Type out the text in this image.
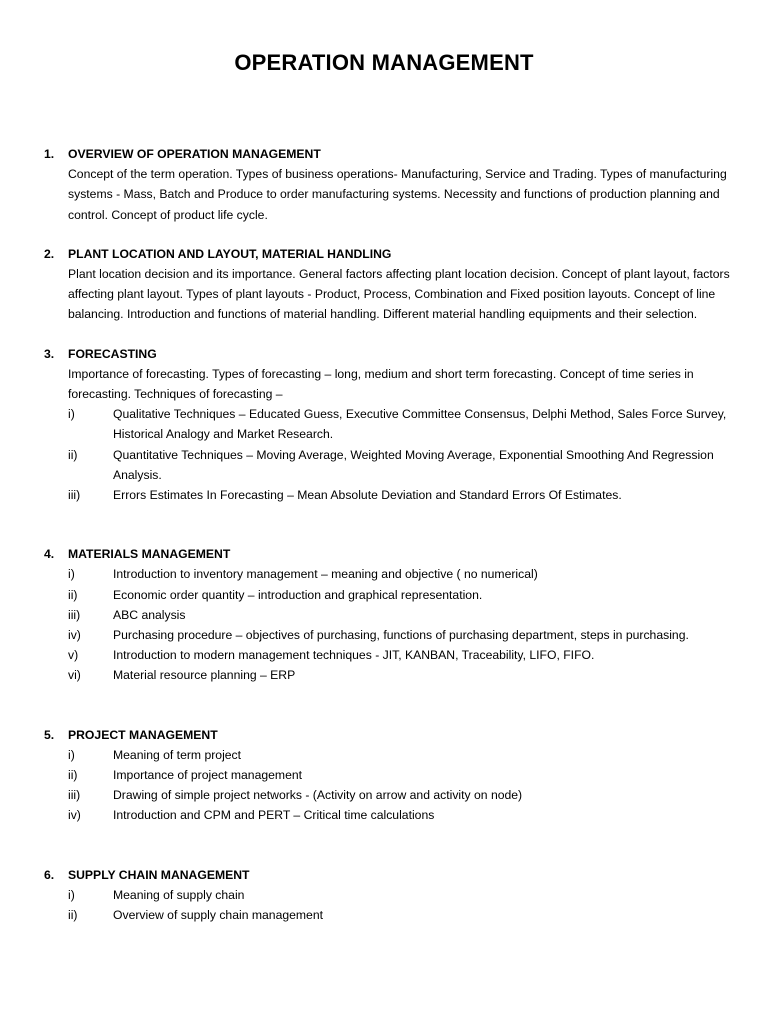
OPERATION MANAGEMENT
1.	OVERVIEW OF OPERATION MANAGEMENT

Concept of the term operation. Types of business operations- Manufacturing, Service and Trading. Types of manufacturing systems - Mass, Batch and Produce to order manufacturing systems. Necessity and functions of production planning and control. Concept of product life cycle.

2.	PLANT LOCATION AND LAYOUT, MATERIAL HANDLING

Plant location decision and its importance. General factors affecting plant location decision. Concept of plant layout, factors affecting plant layout. Types of plant layouts - Product, Process, Combination and Fixed position layouts. Concept of line balancing. Introduction and functions of material handling. Different material handling equipments and their selection.

3.	FORECASTING

Importance of forecasting. Types of forecasting – long, medium and short term forecasting. Concept of time series in forecasting. Techniques of forecasting –

i)	Qualitative Techniques – Educated Guess, Executive Committee Consensus, Delphi Method, Sales Force Survey, Historical Analogy and Market Research.
ii)	Quantitative Techniques – Moving Average, Weighted Moving Average, Exponential Smoothing And Regression Analysis.
iii)	Errors Estimates In Forecasting – Mean Absolute Deviation and Standard Errors Of Estimates.
4.	MATERIALS MANAGEMENT
i)	Introduction to inventory management – meaning and objective ( no numerical)
ii)	Economic order quantity – introduction and graphical representation.
iii)	ABC analysis
iv)	Purchasing procedure – objectives of purchasing, functions of purchasing department, steps in purchasing.
v)	Introduction to modern management techniques - JIT, KANBAN, Traceability, LIFO, FIFO.
vi)	Material resource planning – ERP
5.	PROJECT MANAGEMENT
i)	Meaning of term project
ii)	Importance of project management
iii)	Drawing of simple project networks - (Activity on arrow and activity on node)
iv)	Introduction and CPM and PERT – Critical time calculations
6.	SUPPLY CHAIN MANAGEMENT
i)	Meaning of supply chain
ii)	Overview of supply chain management
